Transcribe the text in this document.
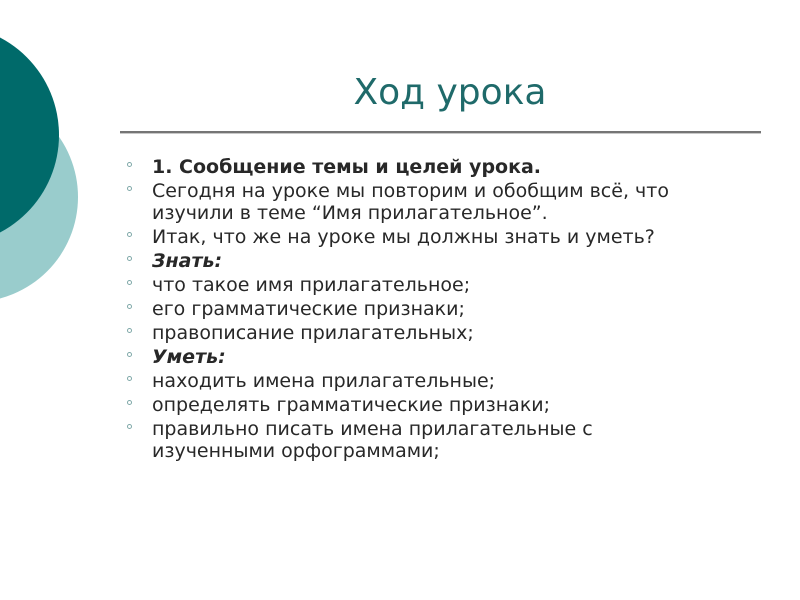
Ход урока
1. Сообщение темы и целей урока.
Сегодня на уроке мы повторим и обобщим всё, что изучили в теме “Имя прилагательное”.
Итак, что же на уроке мы должны знать и уметь?
Знать:
что такое имя прилагательное;
его грамматические признаки;
правописание прилагательных;
Уметь:
находить имена прилагательные;
определять грамматические признаки;
правильно писать имена прилагательные с изученными орфограммами;
